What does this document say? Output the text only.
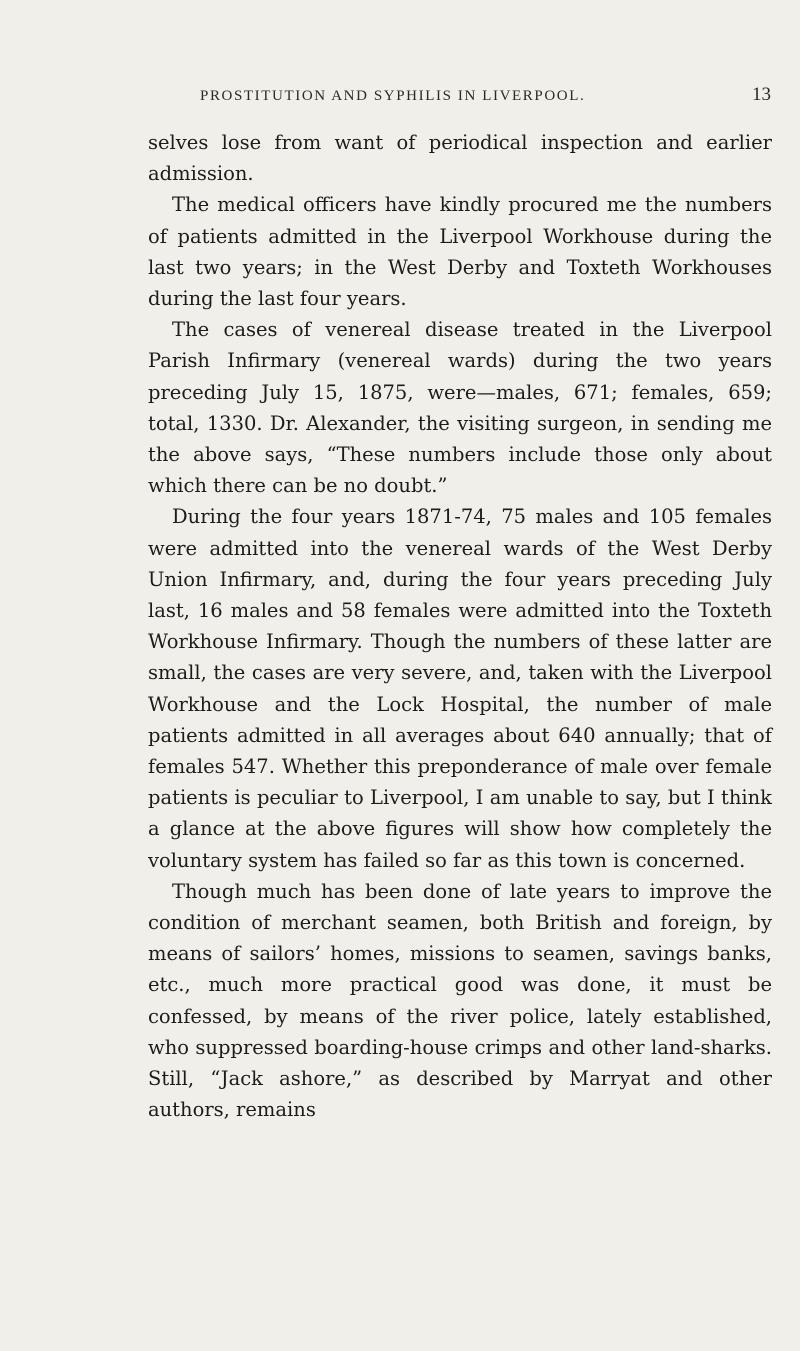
PROSTITUTION AND SYPHILIS IN LIVERPOOL.	13

selves lose from want of periodical inspection and earlier admission.

The medical officers have kindly procured me the numbers of patients admitted in the Liverpool Workhouse during the last two years; in the West Derby and Toxteth Workhouses during the last four years.

The cases of venereal disease treated in the Liverpool Parish Infirmary (venereal wards) during the two years preceding July 15, 1875, were—males, 671; females, 659; total, 1330. Dr. Alexander, the visiting surgeon, in sending me the above says, “These numbers include those only about which there can be no doubt.”

During the four years 1871-74, 75 males and 105 females were admitted into the venereal wards of the West Derby Union Infirmary, and, during the four years preceding July last, 16 males and 58 females were admitted into the Toxteth Workhouse Infirmary. Though the numbers of these latter are small, the cases are very severe, and, taken with the Liverpool Workhouse and the Lock Hospital, the number of male patients admitted in all averages about 640 annually; that of females 547. Whether this preponderance of male over female patients is peculiar to Liverpool, I am unable to say, but I think a glance at the above figures will show how completely the voluntary system has failed so far as this town is concerned.

Though much has been done of late years to improve the condition of merchant seamen, both British and foreign, by means of sailors’ homes, missions to seamen, savings banks, etc., much more practical good was done, it must be confessed, by means of the river police, lately established, who suppressed boarding-house crimps and other land-sharks. Still, “Jack ashore,” as described by Marryat and other authors, remains
